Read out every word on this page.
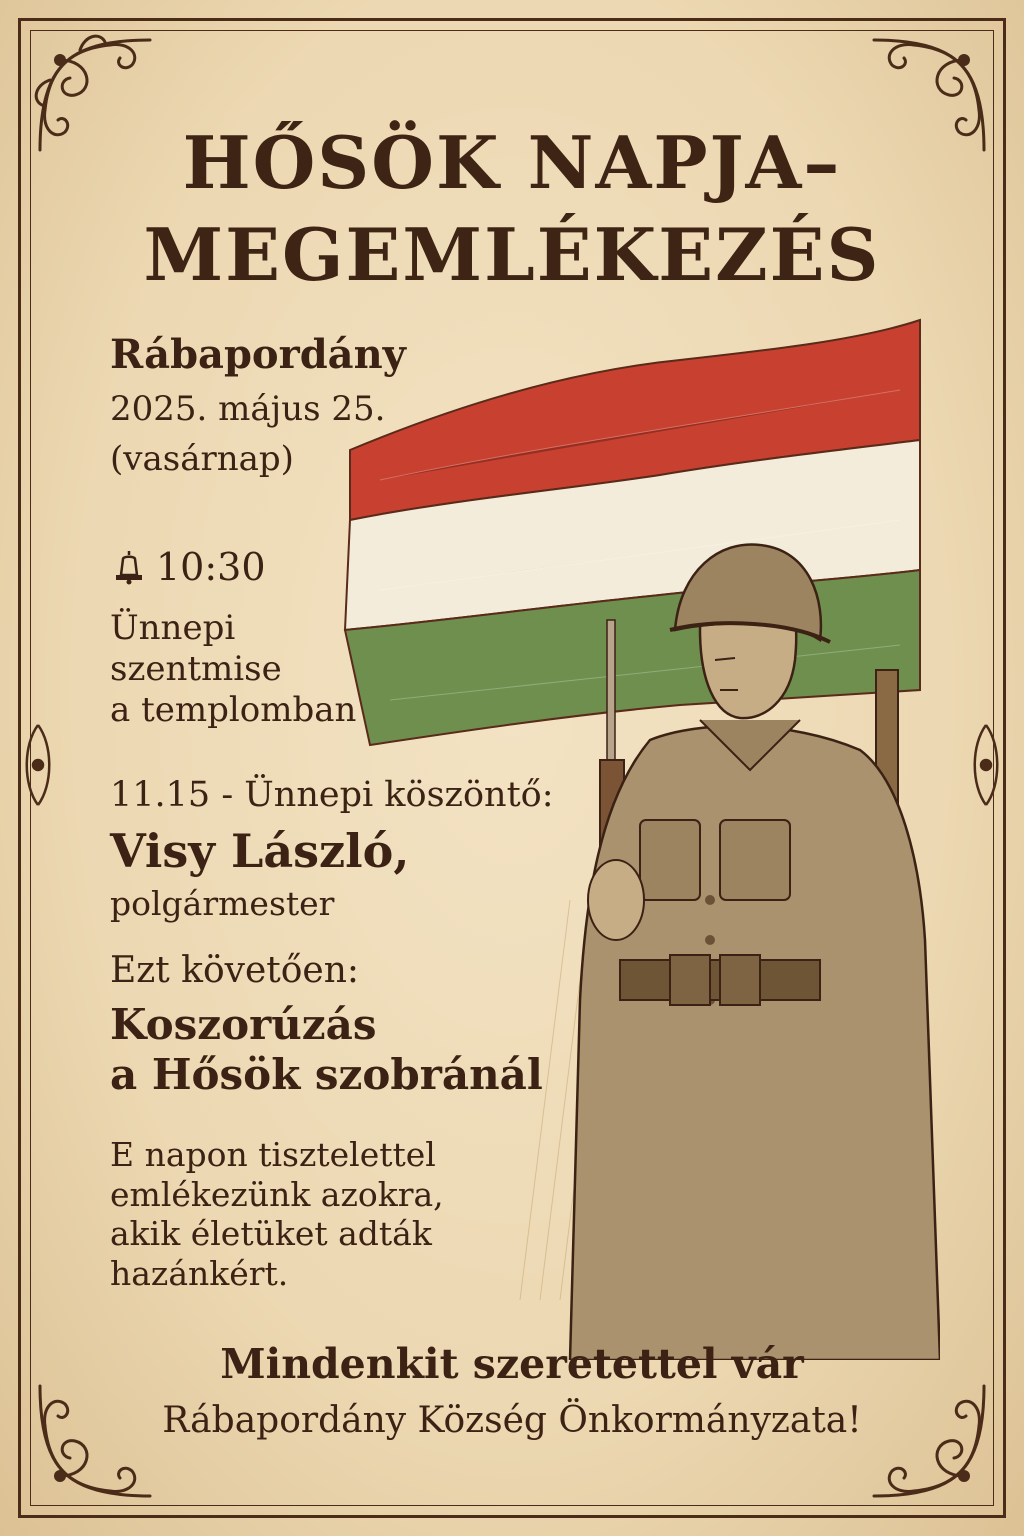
HŐSÖK NAPJA–
MEGEMLÉKEZÉS

Rábapordány

2025. május 25.

(vasárnap)

10:30

Ünnepi
szentmise
a templomban

11.15 - Ünnepi köszöntő:

Visy László,

polgármester

Ezt követően:

Koszorúzás
a Hősök szobránál
E napon tisztelettel
emlékezünk azokra,
akik életüket adták
hazánkért.

Mindenkit szeretettel vár

Rábapordány Község Önkormányzata!
